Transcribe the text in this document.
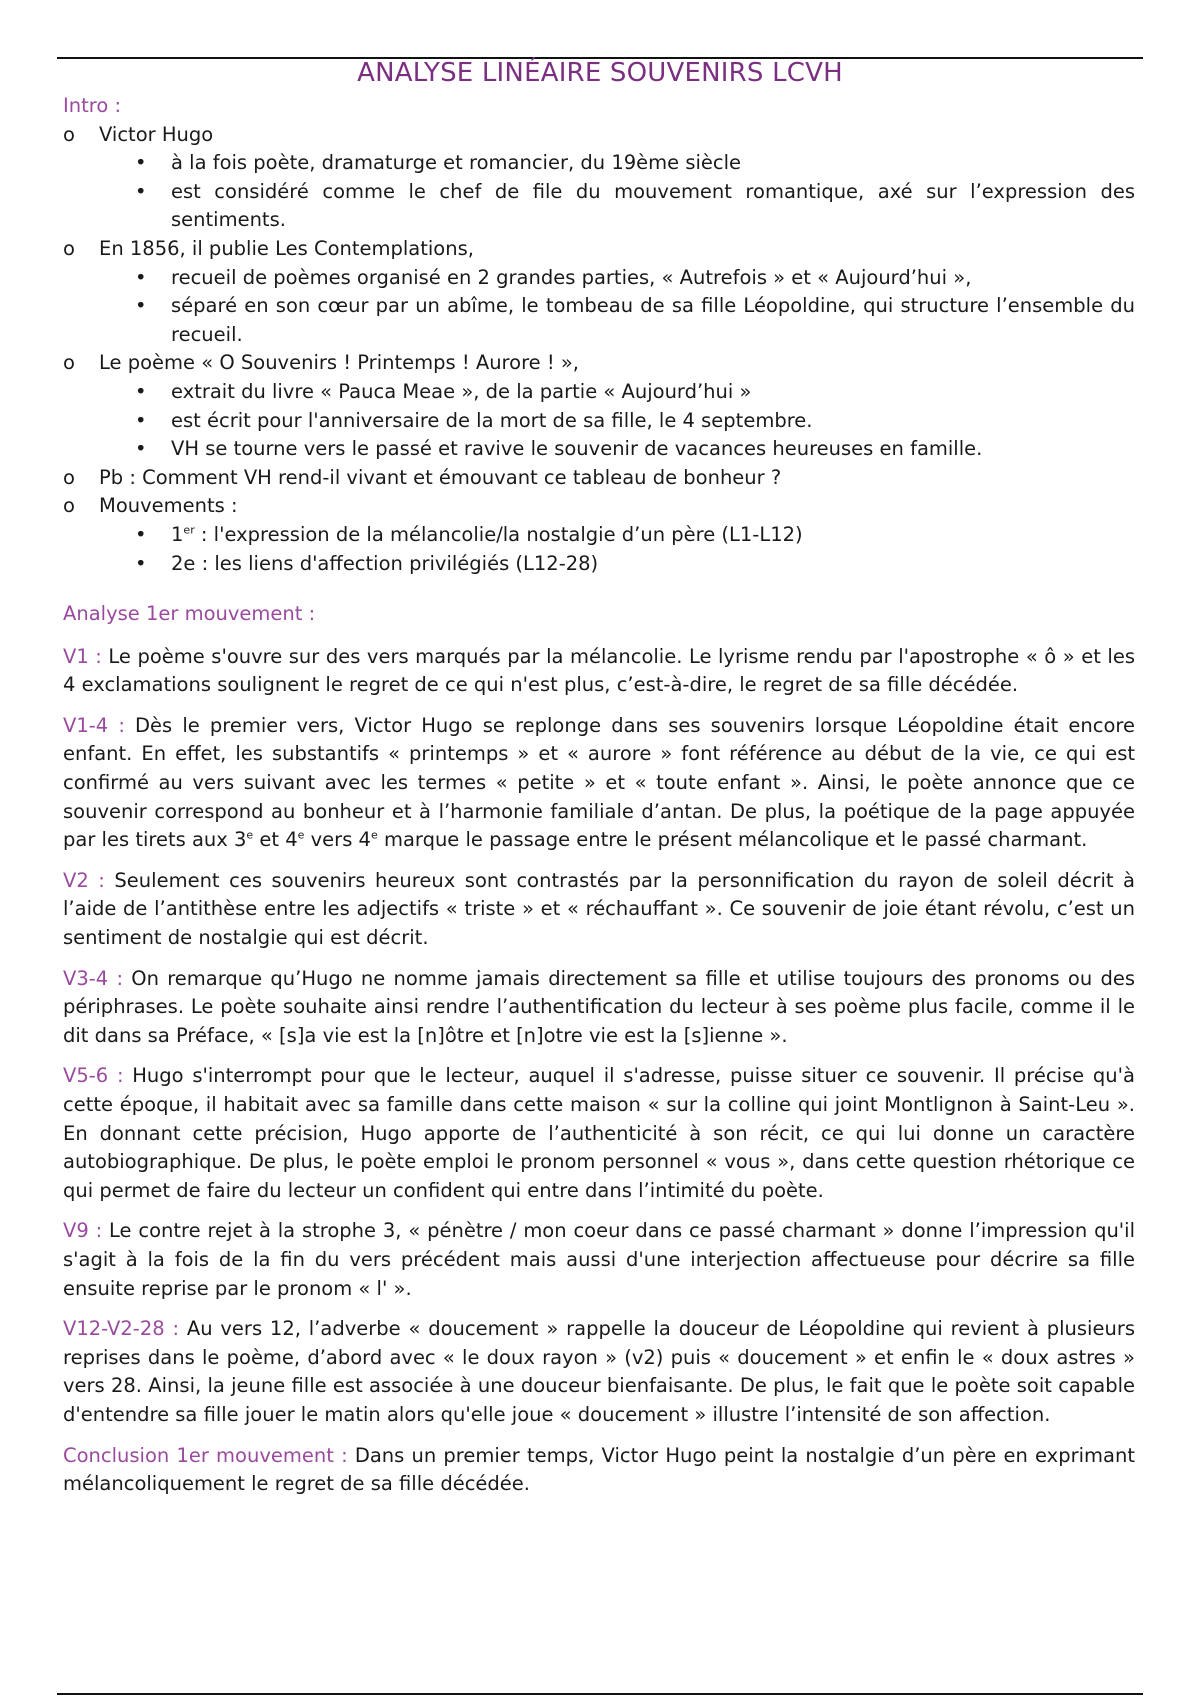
ANALYSE LINÉAIRE SOUVENIRS LCVH
Intro :
o Victor Hugo
• à la fois poète, dramaturge et romancier, du 19ème siècle
• est considéré comme le chef de file du mouvement romantique, axé sur l’expression des sentiments.
o En 1856, il publie Les Contemplations,
• recueil de poèmes organisé en 2 grandes parties, « Autrefois » et « Aujourd’hui »,
• séparé en son cœur par un abîme, le tombeau de sa fille Léopoldine, qui structure l’ensemble du recueil.
o Le poème « O Souvenirs ! Printemps ! Aurore ! »,
• extrait du livre « Pauca Meae », de la partie « Aujourd’hui »
• est écrit pour l'anniversaire de la mort de sa fille, le 4 septembre.
• VH se tourne vers le passé et ravive le souvenir de vacances heureuses en famille.
o Pb : Comment VH rend-il vivant et émouvant ce tableau de bonheur ?
o Mouvements :
• 1er : l'expression de la mélancolie/la nostalgie d’un père (L1-L12)
• 2e : les liens d'affection privilégiés (L12-28)
Analyse 1er mouvement :

V1 : Le poème s'ouvre sur des vers marqués par la mélancolie. Le lyrisme rendu par l'apostrophe « ô » et les 4 exclamations soulignent le regret de ce qui n'est plus, c’est-à-dire, le regret de sa fille décédée.

V1-4 : Dès le premier vers, Victor Hugo se replonge dans ses souvenirs lorsque Léopoldine était encore enfant. En effet, les substantifs « printemps » et « aurore » font référence au début de la vie, ce qui est confirmé au vers suivant avec les termes « petite » et « toute enfant ». Ainsi, le poète annonce que ce souvenir correspond au bonheur et à l’harmonie familiale d’antan. De plus, la poétique de la page appuyée par les tirets aux 3e et 4e vers 4e marque le passage entre le présent mélancolique et le passé charmant.

V2 : Seulement ces souvenirs heureux sont contrastés par la personnification du rayon de soleil décrit à l’aide de l’antithèse entre les adjectifs « triste » et « réchauffant ». Ce souvenir de joie étant révolu, c’est un sentiment de nostalgie qui est décrit.

V3-4 : On remarque qu’Hugo ne nomme jamais directement sa fille et utilise toujours des pronoms ou des périphrases. Le poète souhaite ainsi rendre l’authentification du lecteur à ses poème plus facile, comme il le dit dans sa Préface, « [s]a vie est la [n]ôtre et [n]otre vie est la [s]ienne ».

V5-6 : Hugo s'interrompt pour que le lecteur, auquel il s'adresse, puisse situer ce souvenir. Il précise qu'à cette époque, il habitait avec sa famille dans cette maison « sur la colline qui joint Montlignon à Saint-Leu ». En donnant cette précision, Hugo apporte de l’authenticité à son récit, ce qui lui donne un caractère autobiographique. De plus, le poète emploi le pronom personnel « vous », dans cette question rhétorique ce qui permet de faire du lecteur un confident qui entre dans l’intimité du poète.

V9 : Le contre rejet à la strophe 3, « pénètre / mon coeur dans ce passé charmant » donne l’impression qu'il s'agit à la fois de la fin du vers précédent mais aussi d'une interjection affectueuse pour décrire sa fille ensuite reprise par le pronom « l' ».

V12-V2-28 : Au vers 12, l’adverbe « doucement » rappelle la douceur de Léopoldine qui revient à plusieurs reprises dans le poème, d’abord avec « le doux rayon » (v2) puis « doucement » et enfin le « doux astres » vers 28. Ainsi, la jeune fille est associée à une douceur bienfaisante. De plus, le fait que le poète soit capable d'entendre sa fille jouer le matin alors qu'elle joue « doucement » illustre l’intensité de son affection.

Conclusion 1er mouvement : Dans un premier temps, Victor Hugo peint la nostalgie d’un père en exprimant mélancoliquement le regret de sa fille décédée.
